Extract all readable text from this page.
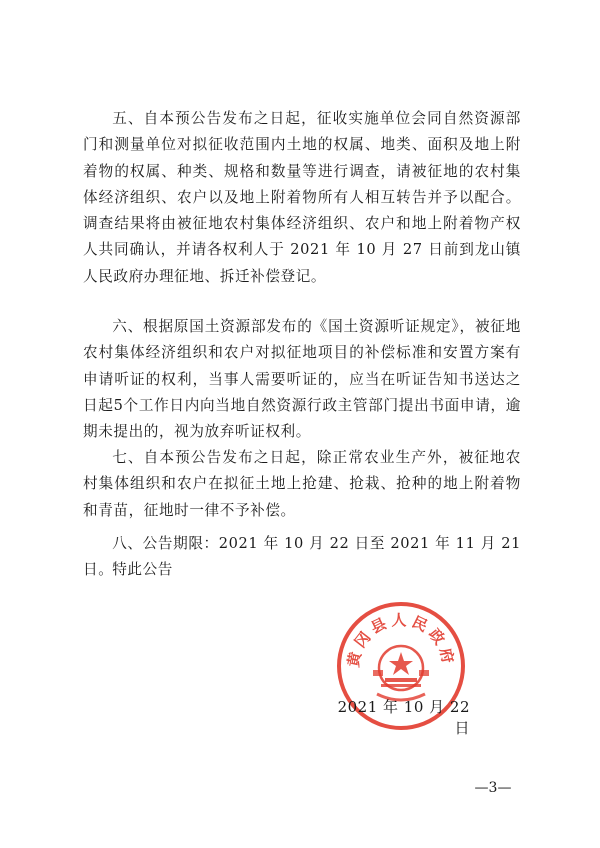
五、自本预公告发布之日起，征收实施单位会同自然资源部门和测量单位对拟征收范围内土地的权属、地类、面积及地上附着物的权属、种类、规格和数量等进行调查，请被征地的农村集体经济组织、农户以及地上附着物所有人相互转告并予以配合。调查结果将由被征地农村集体经济组织、农户和地上附着物产权人共同确认，并请各权利人于 2021 年 10 月 27 日前到龙山镇人民政府办理征地、拆迁补偿登记。

六、根据原国土资源部发布的《国土资源听证规定》，被征地农村集体经济组织和农户对拟征地项目的补偿标准和安置方案有申请听证的权利，当事人需要听证的，应当在听证告知书送达之日起5个工作日内向当地自然资源行政主管部门提出书面申请，逾期未提出的，视为放弃听证权利。

七、自本预公告发布之日起，除正常农业生产外，被征地农村集体组织和农户在拟征土地上抢建、抢栽、抢种的地上附着物和青苗，征地时一律不予补偿。

八、公告期限：2021 年 10 月 22 日至 2021 年 11 月 21 日。

特此公告

黄冈县人民政府
2021 年 10 月 22 日
—3—
